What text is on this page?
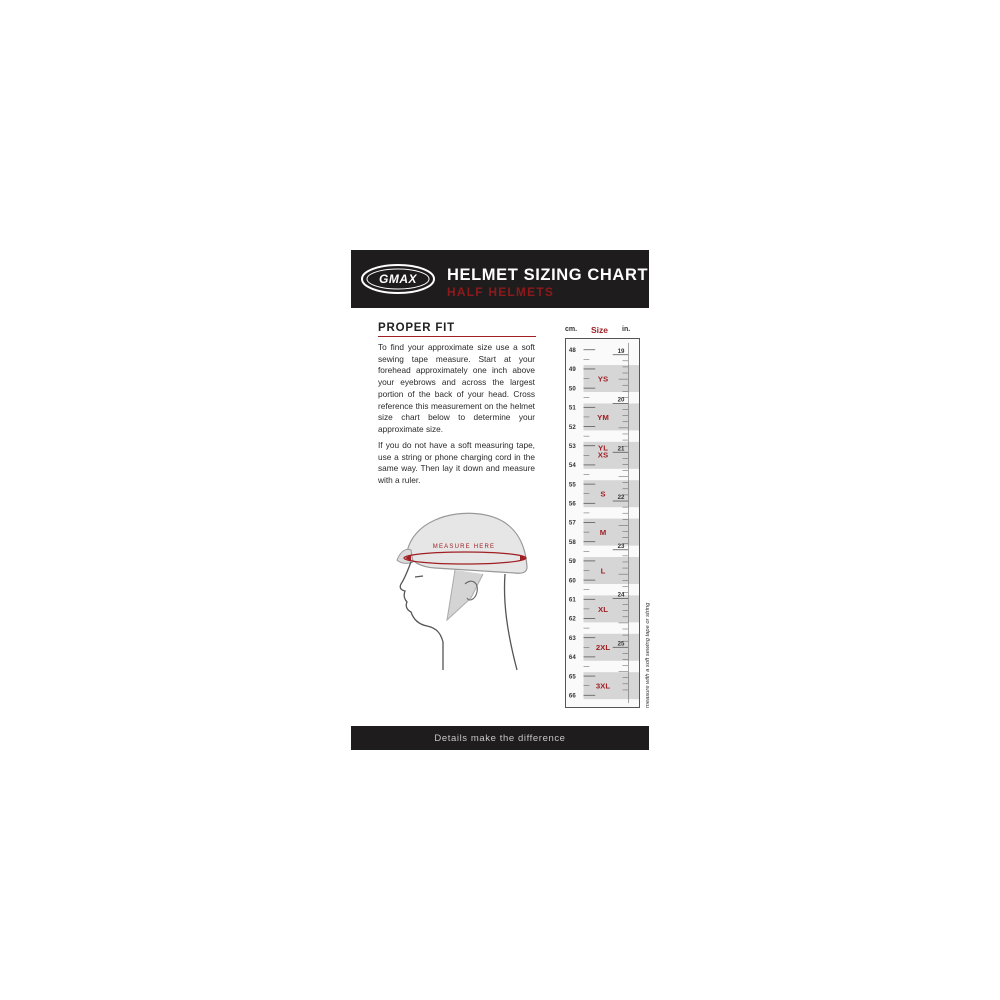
GMAX	HELMET SIZING CHART
HALF HELMETS
PROPER FIT
To find your approximate size use a soft sewing tape measure. Start at your forehead approximately one inch above your eyebrows and across the largest portion of the back of your head. Cross reference this measurement on the helmet size chart below to determine your approximate size.
If you do not have a soft measuring tape, use a string or phone charging cord in the same way. Then lay it down and measure with a ruler.
MEASURE HERE
cm. Size in.
48
49
50
51
52
53
54
55
56
57
58
59
60
61
62
63
64
65
66
19
20
21
22
23
24
25
YS
YM
YL
XS
S
M
L
XL
2XL
3XL	measure with a soft sewing tape or string
Details make the difference
